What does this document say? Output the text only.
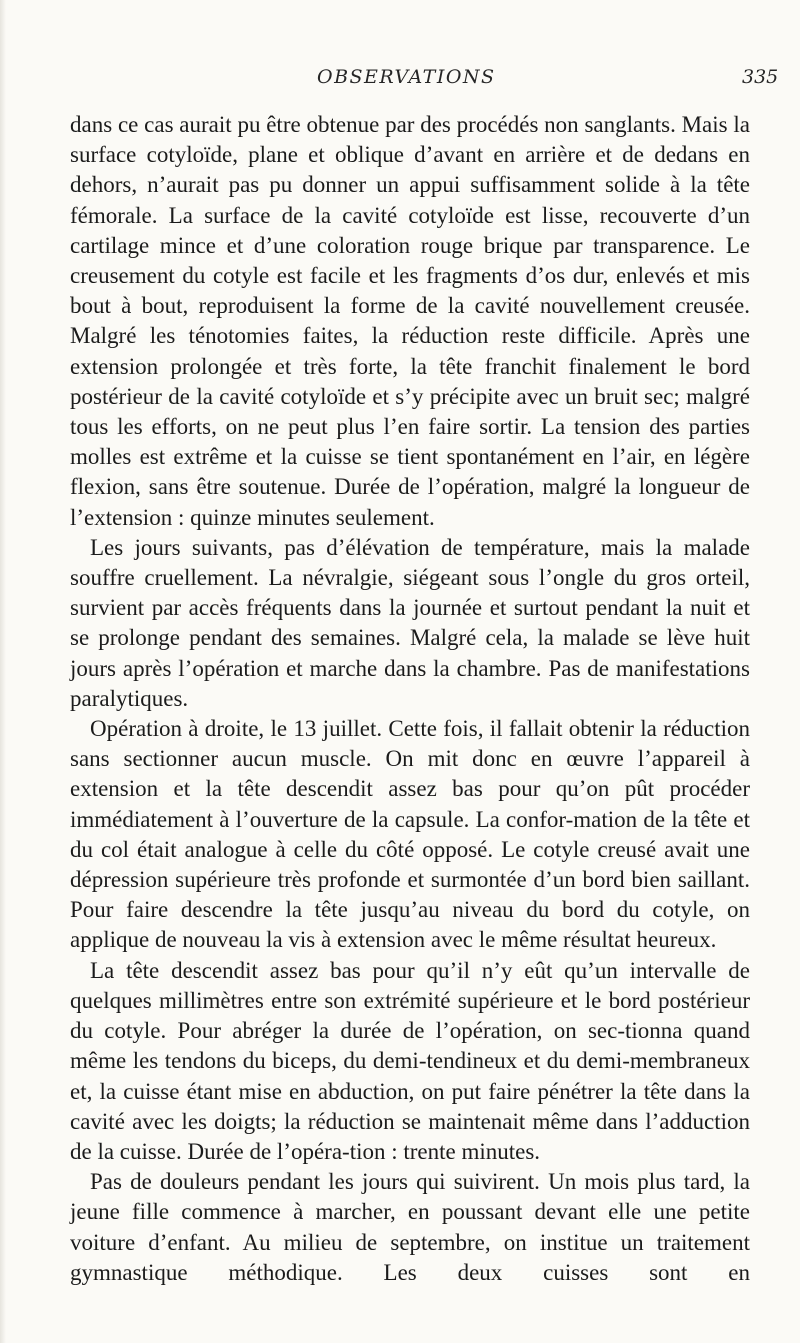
OBSERVATIONS	335

dans ce cas aurait pu être obtenue par des procédés non sanglants. Mais la surface cotyloïde, plane et oblique d’avant en arrière et de dedans en dehors, n’aurait pas pu donner un appui suffisamment solide à la tête fémorale. La surface de la cavité cotyloïde est lisse, recouverte d’un cartilage mince et d’une coloration rouge brique par transparence. Le creusement du cotyle est facile et les fragments d’os dur, enlevés et mis bout à bout, reproduisent la forme de la cavité nouvellement creusée. Malgré les ténotomies faites, la réduction reste difficile. Après une extension prolongée et très forte, la tête franchit finalement le bord postérieur de la cavité cotyloïde et s’y précipite avec un bruit sec; malgré tous les efforts, on ne peut plus l’en faire sortir. La tension des parties molles est extrême et la cuisse se tient spontanément en l’air, en légère flexion, sans être soutenue. Durée de l’opération, malgré la longueur de l’extension : quinze minutes seulement.

Les jours suivants, pas d’élévation de température, mais la malade souffre cruellement. La névralgie, siégeant sous l’ongle du gros orteil, survient par accès fréquents dans la journée et surtout pendant la nuit et se prolonge pendant des semaines. Malgré cela, la malade se lève huit jours après l’opération et marche dans la chambre. Pas de manifestations paralytiques.

Opération à droite, le 13 juillet. Cette fois, il fallait obtenir la réduction sans sectionner aucun muscle. On mit donc en œuvre l’appareil à extension et la tête descendit assez bas pour qu’on pût procéder immédiatement à l’ouverture de la capsule. La confor-mation de la tête et du col était analogue à celle du côté opposé. Le cotyle creusé avait une dépression supérieure très profonde et surmontée d’un bord bien saillant. Pour faire descendre la tête jusqu’au niveau du bord du cotyle, on applique de nouveau la vis à extension avec le même résultat heureux.

La tête descendit assez bas pour qu’il n’y eût qu’un intervalle de quelques millimètres entre son extrémité supérieure et le bord postérieur du cotyle. Pour abréger la durée de l’opération, on sec-tionna quand même les tendons du biceps, du demi-tendineux et du demi-membraneux et, la cuisse étant mise en abduction, on put faire pénétrer la tête dans la cavité avec les doigts; la réduction se maintenait même dans l’adduction de la cuisse. Durée de l’opéra-tion : trente minutes.

Pas de douleurs pendant les jours qui suivirent. Un mois plus tard, la jeune fille commence à marcher, en poussant devant elle une petite voiture d’enfant. Au milieu de septembre, on institue un traitement gymnastique méthodique. Les deux cuisses sont en
